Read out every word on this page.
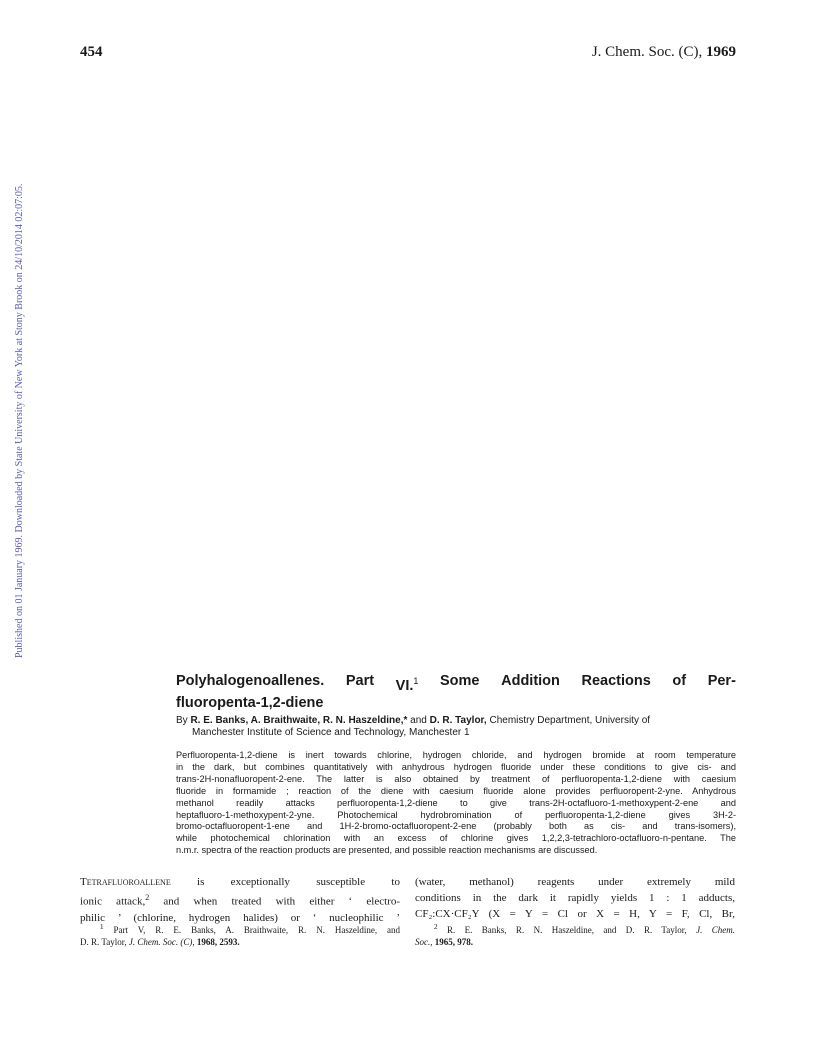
454	J. Chem. Soc. (C), 1969
Published on 01 January 1969. Downloaded by State University of New York at Stony Brook on 24/10/2014 02:07:05.
Polyhalogenoallenes. Part VI.$^1$ Some Addition Reactions of Per-
fluoropenta-1,2-diene

By R. E. Banks, A. Braithwaite, R. N. Haszeldine,* and D. R. Taylor, Chemistry Department, University of
Manchester Institute of Science and Technology, Manchester 1

Perfluoropenta-1,2-diene is inert towards chlorine, hydrogen chloride, and hydrogen bromide at room temperature
in the dark, but combines quantitatively with anhydrous hydrogen fluoride under these conditions to give cis- and
trans-2H-nonafluoropent-2-ene. The latter is also obtained by treatment of perfluoropenta-1,2-diene with caesium
fluoride in formamide ; reaction of the diene with caesium fluoride alone provides perfluoropent-2-yne. Anhydrous
methanol readily attacks perfluoropenta-1,2-diene to give trans-2H-octafluoro-1-methoxypent-2-ene and
heptafluoro-1-methoxypent-2-yne. Photochemical hydrobromination of perfluoropenta-1,2-diene gives 3H-2-
bromo-octafluoropent-1-ene and 1H-2-bromo-octafluoropent-2-ene (probably both as cis- and trans-isomers),
while photochemical chlorination with an excess of chlorine gives 1,2,2,3-tetrachloro-octafluoro-n-pentane. The
n.m.r. spectra of the reaction products are presented, and possible reaction mechanisms are discussed.

Tetrafluoroallene is exceptionally susceptible to
ionic attack,$^2$ and when treated with either ‘ electro-
philic ’ (chlorine, hydrogen halides) or ‘ nucleophilic ’

(water, methanol) reagents under extremely mild
conditions in the dark it rapidly yields 1 : 1 adducts,
CF₂:CX·CF₂Y (X = Y = Cl or X = H, Y = F, Cl, Br,

$^1$ Part V, R. E. Banks, A. Braithwaite, R. N. Haszeldine, and
D. R. Taylor, J. Chem. Soc. (C), 1968, 2593.
$^2$ R. E. Banks, R. N. Haszeldine, and D. R. Taylor, J. Chem.
Soc., 1965, 978.
